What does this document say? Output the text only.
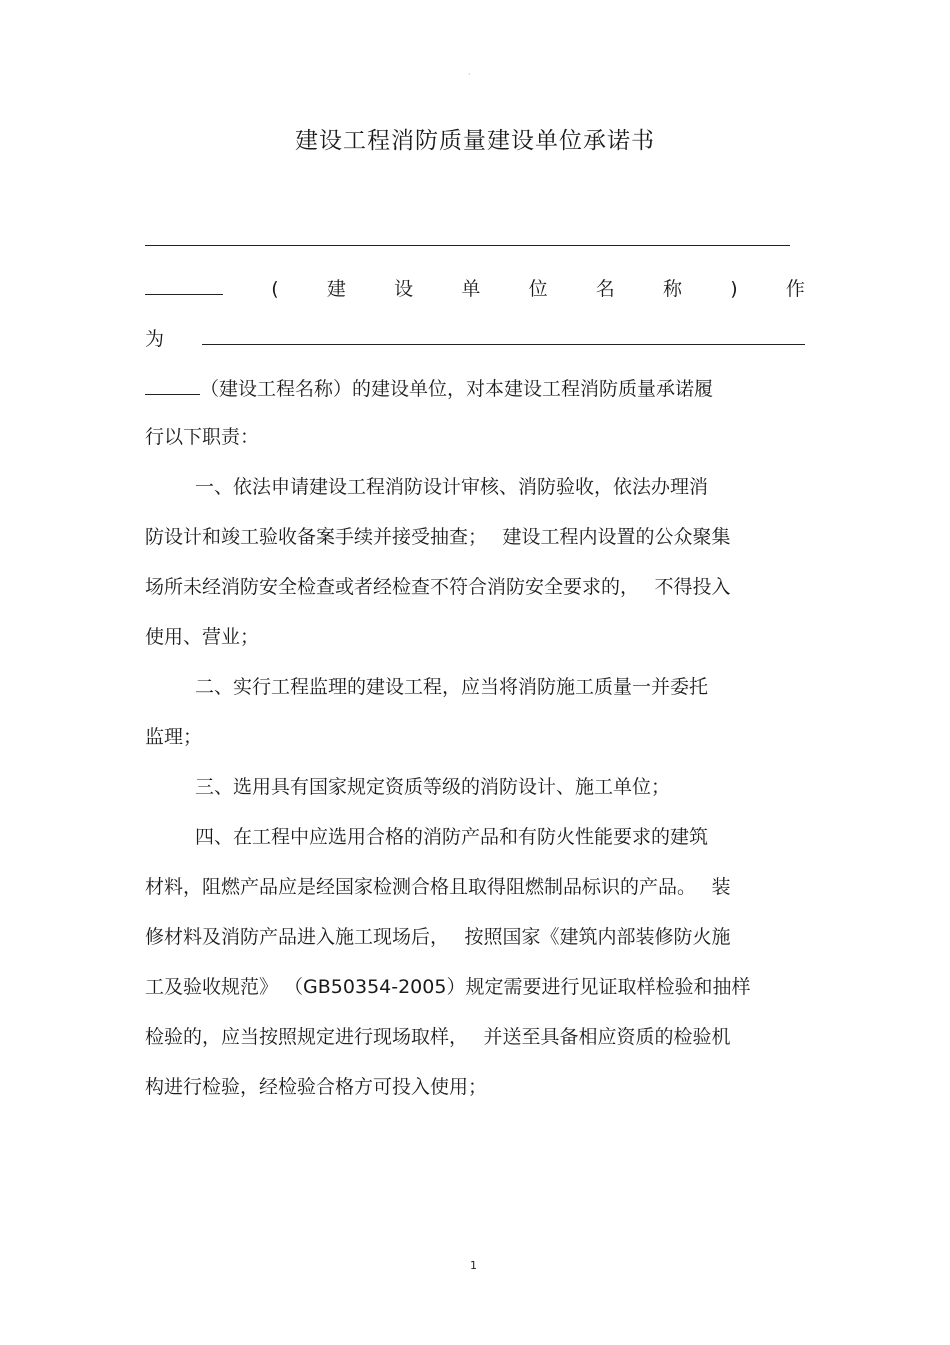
·
建设工程消防质量建设单位承诺书
(	建	设	单	位	名	称	)	作
为
（建设工程名称）的建设单位，对本建设工程消防质量承诺履
行以下职责：
一、依法申请建设工程消防设计审核、消防验收，依法办理消
防设计和竣工验收备案手续并接受抽查；　 建设工程内设置的公众聚集
场所未经消防安全检查或者经检查不符合消防安全要求的，　 不得投入
使用、营业；
二、实行工程监理的建设工程，应当将消防施工质量一并委托
监理；
三、选用具有国家规定资质等级的消防设计、施工单位；
四、在工程中应选用合格的消防产品和有防火性能要求的建筑
材料，阻燃产品应是经国家检测合格且取得阻燃制品标识的产品。　 装
修材料及消防产品进入施工现场后，　 按照国家《建筑内部装修防火施
工及验收规范》 （GB50354-2005）规定需要进行见证取样检验和抽样
检验的，应当按照规定进行现场取样，　 并送至具备相应资质的检验机
构进行检验，经检验合格方可投入使用；
1
